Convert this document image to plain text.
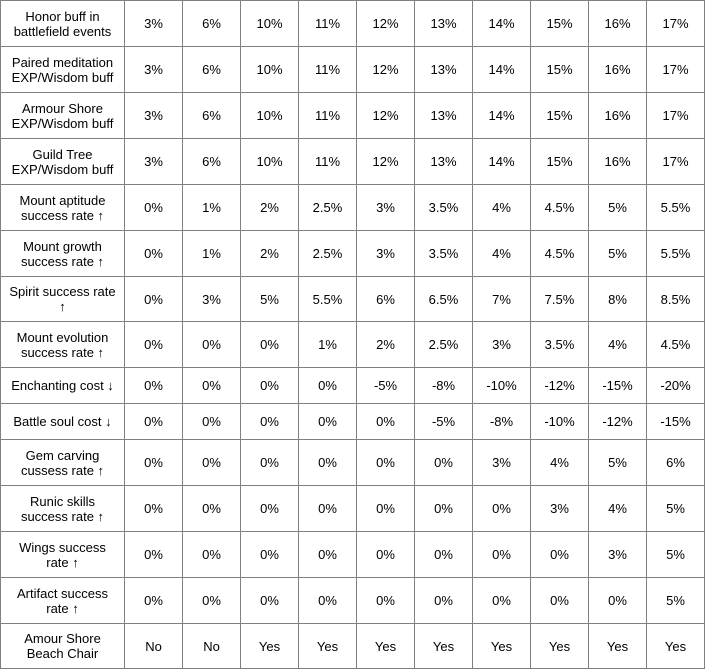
Honor buff in
battlefield events	3%	6%	10%	11%	12%	13%	14%	15%	16%	17%

Paired meditation
EXP/Wisdom buff	3%	6%	10%	11%	12%	13%	14%	15%	16%	17%

Armour Shore
EXP/Wisdom buff	3%	6%	10%	11%	12%	13%	14%	15%	16%	17%

Guild Tree
EXP/Wisdom buff	3%	6%	10%	11%	12%	13%	14%	15%	16%	17%

Mount aptitude
success rate ↑	0%	1%	2%	2.5%	3%	3.5%	4%	4.5%	5%	5.5%

Mount growth
success rate ↑	0%	1%	2%	2.5%	3%	3.5%	4%	4.5%	5%	5.5%

Spirit success rate
↑	0%	3%	5%	5.5%	6%	6.5%	7%	7.5%	8%	8.5%

Mount evolution
success rate ↑	0%	0%	0%	1%	2%	2.5%	3%	3.5%	4%	4.5%

Enchanting cost ↓	0%	0%	0%	0%	-5%	-8%	-10%	-12%	-15%	-20%

Battle soul cost ↓	0%	0%	0%	0%	0%	-5%	-8%	-10%	-12%	-15%

Gem carving
cussess rate ↑	0%	0%	0%	0%	0%	0%	3%	4%	5%	6%

Runic skills
success rate ↑	0%	0%	0%	0%	0%	0%	0%	3%	4%	5%

Wings success
rate ↑	0%	0%	0%	0%	0%	0%	0%	0%	3%	5%

Artifact success
rate ↑	0%	0%	0%	0%	0%	0%	0%	0%	0%	5%

Amour Shore
Beach Chair	No	No	Yes	Yes	Yes	Yes	Yes	Yes	Yes	Yes
